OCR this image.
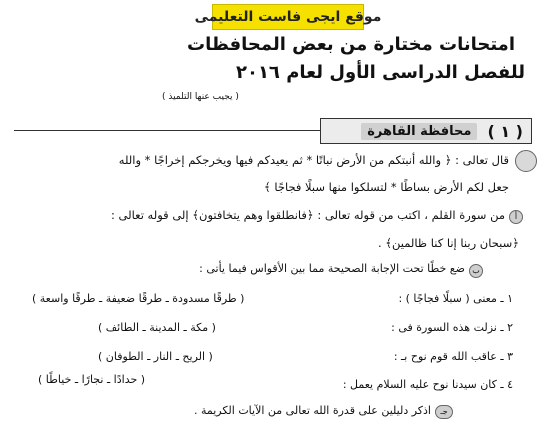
موقع ايجى فاست التعليمى
امتحانات مختارة من بعض المحافظات
للفصل الدراسى الأول لعام ٢٠١٦
( يجيب عنها التلميذ )
( ١ )
محافظة القاهرة
قال تعالى : ﴿ والله أنبتكم من الأرض نباتًا * ثم يعيدكم فيها ويخرجكم إخراجًا * والله
جعل لكم الأرض بساطًا * لتسلكوا منها سبلًا فجاجًا ﴾
أ
من سورة القلم ، اكتب من قوله تعالى : ﴿فانطلقوا وهم يتخافتون﴾ إلى قوله تعالى :
﴿سبحان ربنا إنا كنا ظالمين﴾ .
ب
ضع خطًا تحت الإجابة الصحيحة مما بين الأقواس فيما يأتى :
١ ـ معنى ( سبلًا فجاجًا ) :
( طرقًا مسدودة ـ طرقًا ضعيفة ـ طرقًا واسعة )
٢ ـ نزلت هذه السورة فى :
( مكة ـ المدينة ـ الطائف )
٣ ـ عاقب الله قوم نوح بـ :
( الريح ـ النار ـ الطوفان )
٤ ـ كان سيدنا نوح عليه السلام يعمل :
( حدادًا ـ نجارًا ـ خياطًا )
جـ
اذكر دليلين على قدرة الله تعالى من الآيات الكريمة .
